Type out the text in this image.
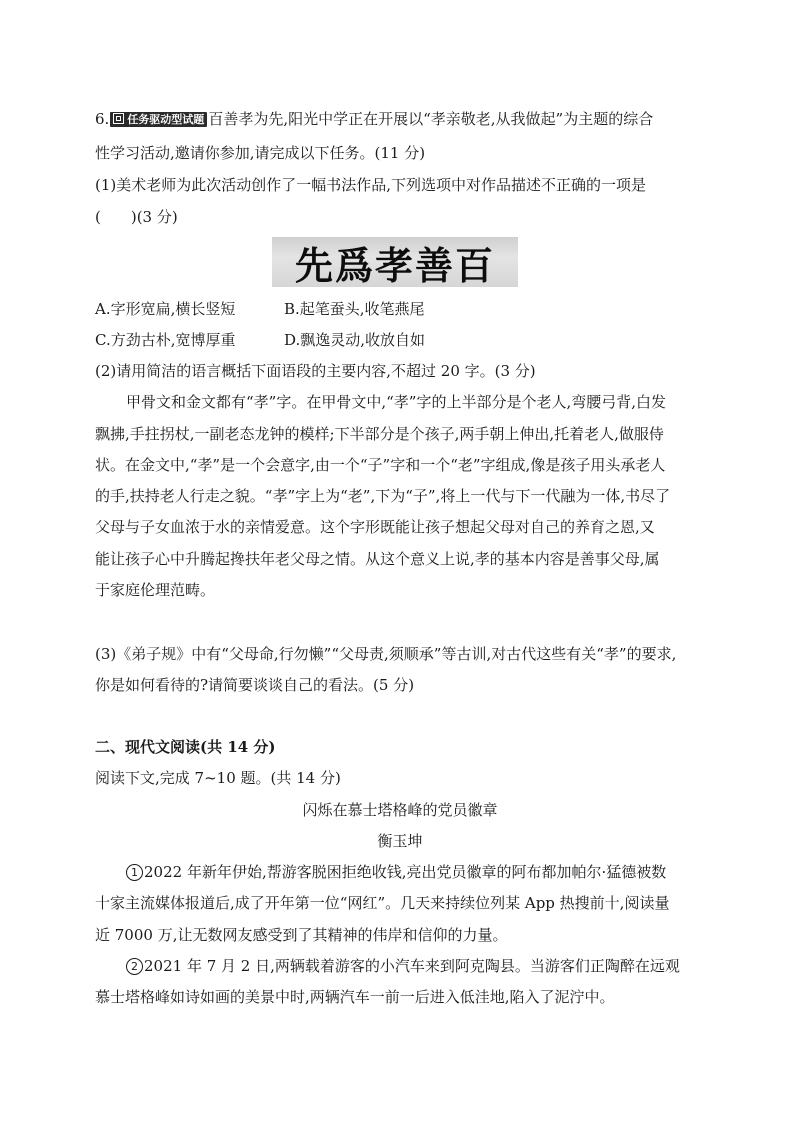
6. 任务驱动型试题 百善孝为先,阳光中学正在开展以“孝亲敬老,从我做起”为主题的综合
性学习活动,邀请你参加,请完成以下任务。(11 分)
(1)美术老师为此次活动创作了一幅书法作品,下列选项中对作品描述不正确的一项是
(　　)(3 分)
先爲孝善百
A.字形宽扁,横长竖短	B.起笔蚕头,收笔燕尾
C.方劲古朴,宽博厚重	D.飘逸灵动,收放自如
(2)请用简洁的语言概括下面语段的主要内容,不超过 20 字。(3 分)
甲骨文和金文都有“孝”字。在甲骨文中,“孝”字的上半部分是个老人,弯腰弓背,白发
飘拂,手拄拐杖,一副老态龙钟的模样;下半部分是个孩子,两手朝上伸出,托着老人,做服侍
状。在金文中,“孝”是一个会意字,由一个“子”字和一个“老”字组成,像是孩子用头承老人
的手,扶持老人行走之貌。“孝”字上为“老”,下为“子”,将上一代与下一代融为一体,书尽了
父母与子女血浓于水的亲情爱意。这个字形既能让孩子想起父母对自己的养育之恩,又
能让孩子心中升腾起搀扶年老父母之情。从这个意义上说,孝的基本内容是善事父母,属
于家庭伦理范畴。
(3)《弟子规》中有“父母命,行勿懒”“父母责,须顺承”等古训,对古代这些有关“孝”的要求,
你是如何看待的?请简要谈谈自己的看法。(5 分)
二、现代文阅读(共 14 分)
阅读下文,完成 7~10 题。(共 14 分)
闪烁在慕士塔格峰的党员徽章
衡玉坤
1 2022 年新年伊始,帮游客脱困拒绝收钱,亮出党员徽章的阿布都加帕尔·猛德被数
十家主流媒体报道后,成了开年第一位“网红”。几天来持续位列某 App 热搜前十,阅读量
近 7000 万,让无数网友感受到了其精神的伟岸和信仰的力量。
2 2021 年 7 月 2 日,两辆载着游客的小汽车来到阿克陶县。当游客们正陶醉在远观
慕士塔格峰如诗如画的美景中时,两辆汽车一前一后进入低洼地,陷入了泥泞中。
